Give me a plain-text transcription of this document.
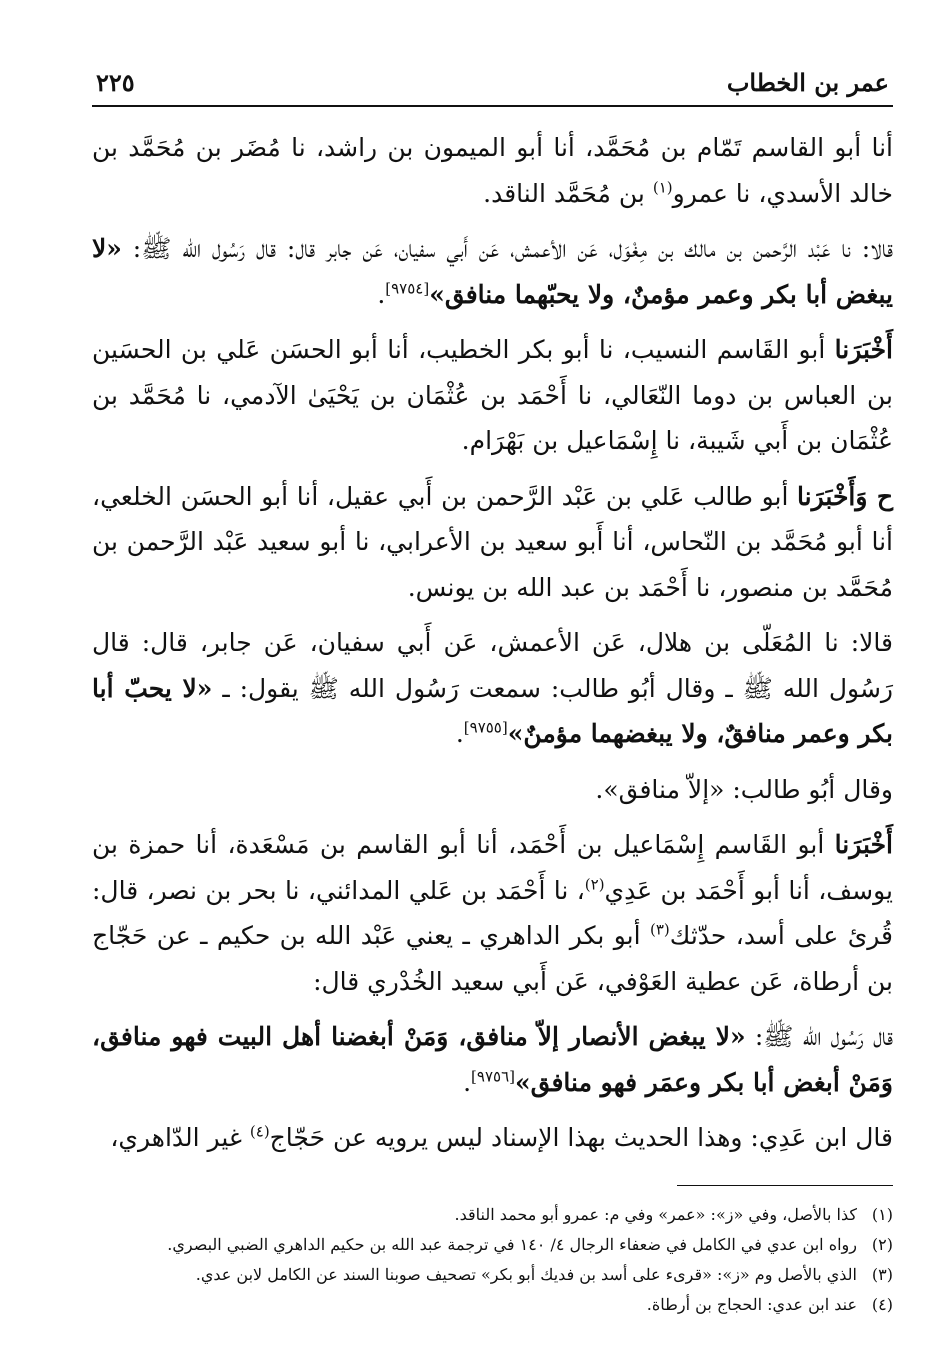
عمر بن الخطاب
٢٢٥

أنا أبو القاسم تَمّام بن مُحَمَّد، أنا أبو الميمون بن راشد، نا مُضَر بن مُحَمَّد بن خالد الأسدي، نا عمرو$^{(١)}$ بن مُحَمَّد الناقد.

قالا: نا عَبْد الرَّحمن بن مالك بن مِغْوَل، عَن الأعمش، عَن أَبي سفيان، عَن جابر قال: قال رَسُول الله ﷺ: «لا يبغض أبا بكر وعمر مؤمنٌ، ولا يحبّهما منافق»[٩٧٥٤].

أَخْبَرَنا أبو القَاسم النسيب، نا أبو بكر الخطيب، أنا أبو الحسَن عَلي بن الحسَين بن العباس بن دوما النّعَالي، نا أَحْمَد بن عُثْمَان بن يَحْيَىٰ الآدمي، نا مُحَمَّد بن عُثْمَان بن أَبي شَيبة، نا إِسْمَاعيل بن بَهْرَام.

ح وَأَخْبَرَنا أبو طالب عَلي بن عَبْد الرَّحمن بن أَبي عقيل، أنا أبو الحسَن الخلعي، أنا أبو مُحَمَّد بن النّحاس، أنا أَبو سعيد بن الأعرابي، نا أبو سعيد عَبْد الرَّحمن بن مُحَمَّد بن منصور، نا أَحْمَد بن عبد الله بن يونس.

قالا: نا المُعَلّى بن هلال، عَن الأعمش، عَن أَبي سفيان، عَن جابر، قال: قال رَسُول الله ﷺ ـ وقال أبُو طالب: سمعت رَسُول الله ﷺ يقول: ـ «لا يحبّ أبا بكر وعمر منافقٌ، ولا يبغضهما مؤمنٌ»[٩٧٥٥].

وقال أبُو طالب: «إلاّ منافق».

أَخْبَرَنا أبو القَاسم إِسْمَاعيل بن أَحْمَد، أنا أبو القاسم بن مَسْعَدة، أنا حمزة بن يوسف، أنا أبو أَحْمَد بن عَدِي$^{(٢)}$، نا أَحْمَد بن عَلي المدائني، نا بحر بن نصر، قال: قُرئ على أسد، حدّثك$^{(٣)}$ أبو بكر الداهري ـ يعني عَبْد الله بن حكيم ـ عن حَجّاج بن أرطاة، عَن عطية العَوْفي، عَن أَبي سعيد الخُدْري قال:

قال رَسُول الله ﷺ: «لا يبغض الأنصار إلاّ منافق، وَمَنْ أبغضنا أهل البيت فهو منافق، وَمَنْ أبغض أبا بكر وعمَر فهو منافق»[٩٧٥٦].

قال ابن عَدِي: وهذا الحديث بهذا الإسناد ليس يرويه عن حَجّاج$^{(٤)}$ غير الدّاهري،

(١)
كذا بالأصل، وفي «ز»: «عمر» وفي م: عمرو أبو محمد الناقد.
(٢)
رواه ابن عدي في الكامل في ضعفاء الرجال ٤/ ١٤٠ في ترجمة عبد الله بن حكيم الداهري الضبي البصري.
(٣)
الذي بالأصل وم «ز»: «قرىء على أسد بن فديك أبو بكر» تصحيف صوبنا السند عن الكامل لابن عدي.
(٤)
عند ابن عدي: الحجاج بن أرطاة.
